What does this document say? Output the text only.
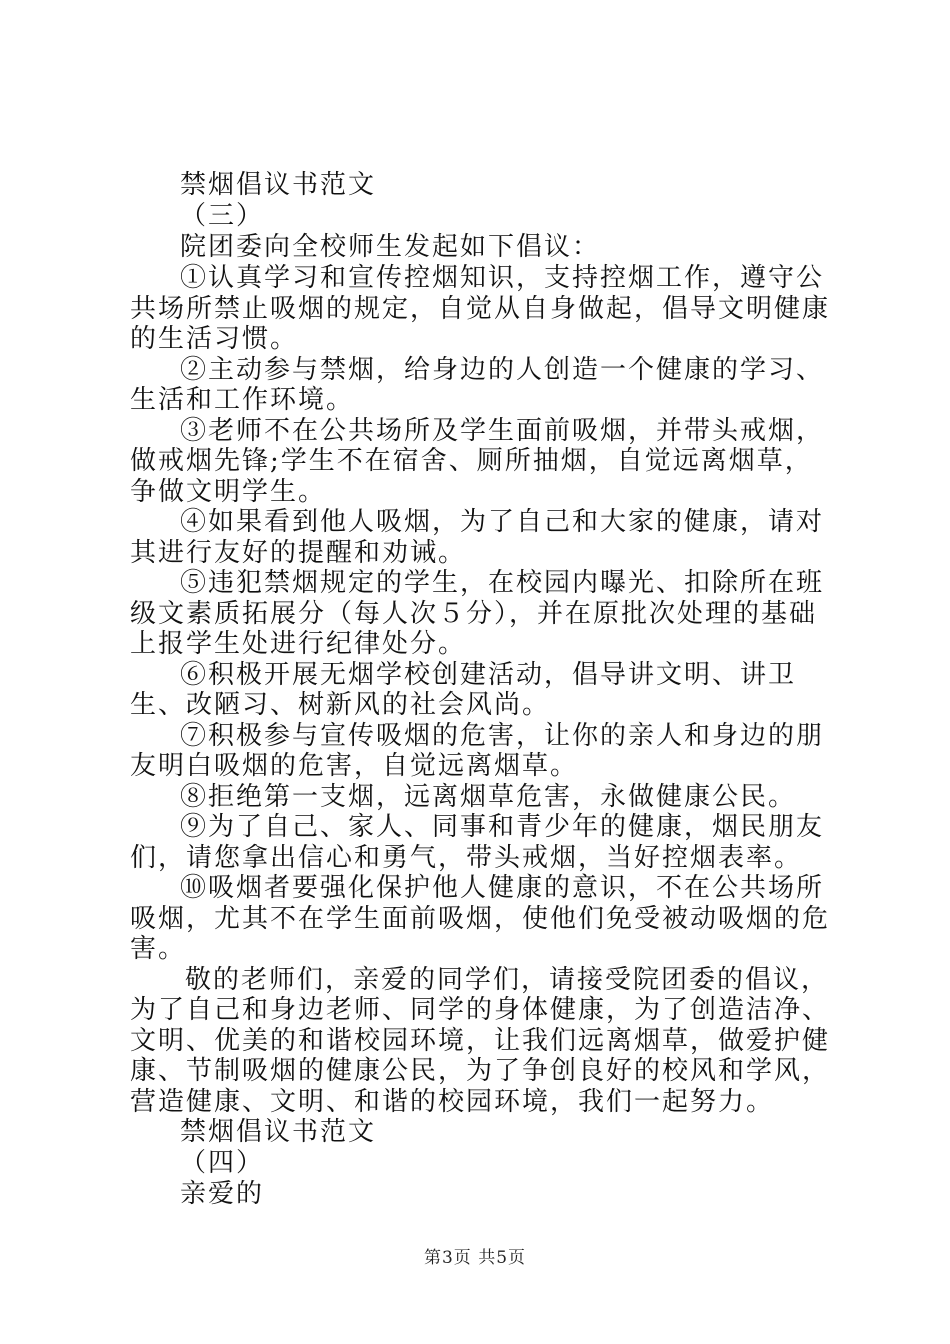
禁烟倡议书范文

（三）

院团委向全校师生发起如下倡议：

①认真学习和宣传控烟知识，支持控烟工作，遵守公共场所禁止吸烟的规定，自觉从自身做起，倡导文明健康的生活习惯。

②主动参与禁烟，给身边的人创造一个健康的学习、生活和工作环境。

③老师不在公共场所及学生面前吸烟，并带头戒烟，做戒烟先锋;学生不在宿舍、厕所抽烟，自觉远离烟草，争做文明学生。

④如果看到他人吸烟，为了自己和大家的健康，请对其进行友好的提醒和劝诫。

⑤违犯禁烟规定的学生，在校园内曝光、扣除所在班级文素质拓展分（每人次５分），并在原批次处理的基础上报学生处进行纪律处分。

⑥积极开展无烟学校创建活动，倡导讲文明、讲卫生、改陋习、树新风的社会风尚。

⑦积极参与宣传吸烟的危害，让你的亲人和身边的朋友明白吸烟的危害，自觉远离烟草。

⑧拒绝第一支烟，远离烟草危害，永做健康公民。

⑨为了自己、家人、同事和青少年的健康，烟民朋友们，请您拿出信心和勇气，带头戒烟，当好控烟表率。

⑩吸烟者要强化保护他人健康的意识，不在公共场所吸烟，尤其不在学生面前吸烟，使他们免受被动吸烟的危害。

敬的老师们，亲爱的同学们，请接受院团委的倡议，为了自己和身边老师、同学的身体健康，为了创造洁净、文明、优美的和谐校园环境，让我们远离烟草，做爱护健康、节制吸烟的健康公民，为了争创良好的校风和学风，营造健康、文明、和谐的校园环境，我们一起努力。

禁烟倡议书范文

（四）

亲爱的

第3页 共5页
